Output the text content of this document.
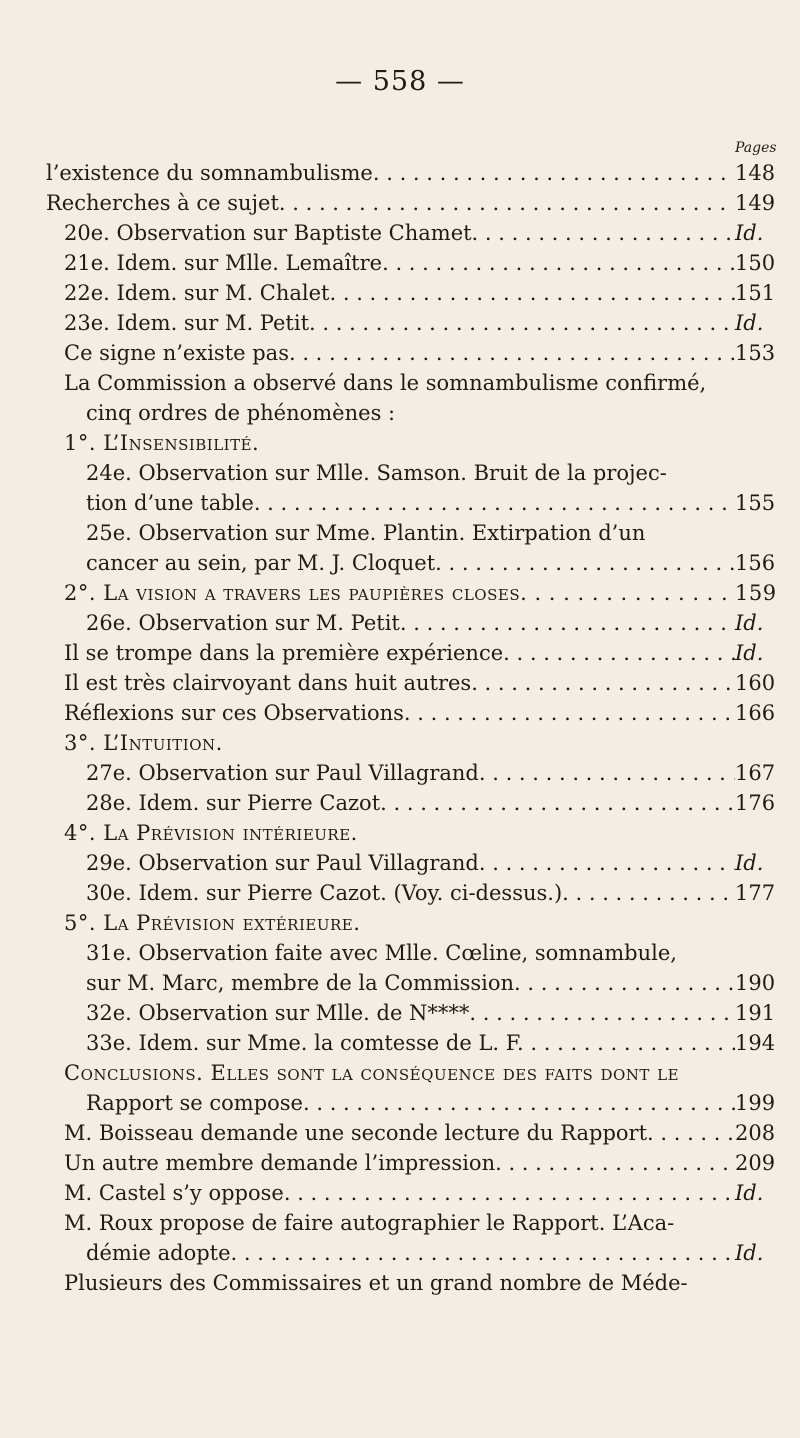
— 558 —
Pages
l’existence du somnambulisme. . . .	148
Recherches à ce sujet. . . .	149
20e. Observation sur Baptiste Chamet. . . .	Id.
21e. Idem. sur Mlle. Lemaître. . . .	150
22e. Idem. sur M. Chalet. . . .	151
23e. Idem. sur M. Petit. . . .	Id.
Ce signe n’existe pas. . . .	153
La Commission a observé dans le somnambulisme confirmé,
cinq ordres de phénomènes :
1°. L’Insensibilité.
24e. Observation sur Mlle. Samson. Bruit de la projec-
tion d’une table. . . .	155
25e. Observation sur Mme. Plantin. Extirpation d’un
cancer au sein, par M. J. Cloquet. . . .	156
2°. La vision a travers les paupières closes. . . .	159
26e. Observation sur M. Petit. . . .	Id.
Il se trompe dans la première expérience. . . .	Id.
Il est très clairvoyant dans huit autres. . . .	160
Réflexions sur ces Observations. . . .	166
3°. L’Intuition.
27e. Observation sur Paul Villagrand. . . .	167
28e. Idem. sur Pierre Cazot. . . .	176
4°. La Prévision intérieure.
29e. Observation sur Paul Villagrand. . . .	Id.
30e. Idem. sur Pierre Cazot. (Voy. ci-dessus.). . . .	177
5°. La Prévision extérieure.
31e. Observation faite avec Mlle. Cœline, somnambule,
sur M. Marc, membre de la Commission. . . .	190
32e. Observation sur Mlle. de N****. . . .	191
33e. Idem. sur Mme. la comtesse de L. F. . . .	194
Conclusions. Elles sont la conséquence des faits dont le
Rapport se compose. . . .	199
M. Boisseau demande une seconde lecture du Rapport. . . .	208
Un autre membre demande l’impression. . . .	209
M. Castel s’y oppose. . . .	Id.
M. Roux propose de faire autographier le Rapport. L’Aca-
démie adopte. . . .	Id.
Plusieurs des Commissaires et un grand nombre de Méde-
